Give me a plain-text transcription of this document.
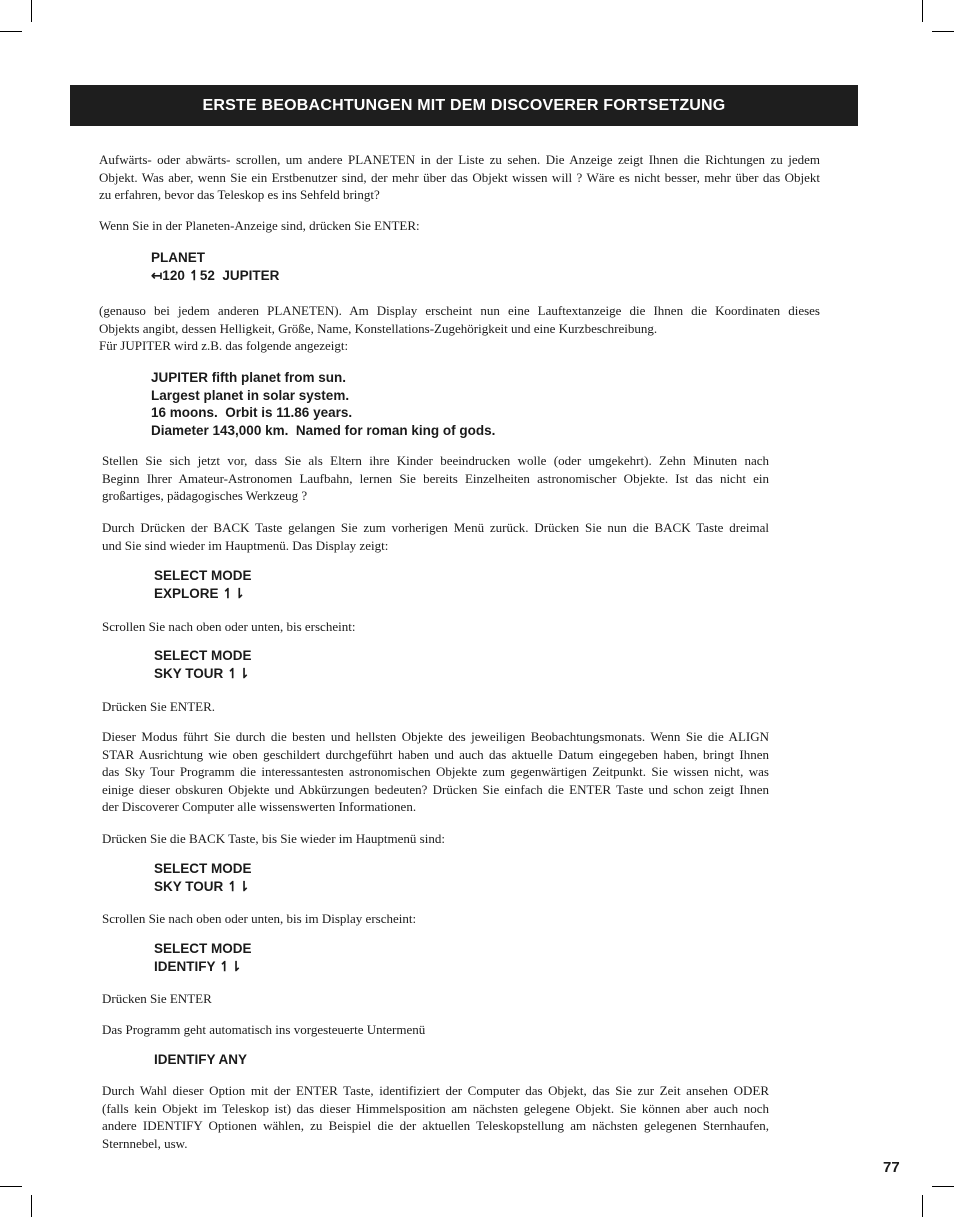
ERSTE BEOBACHTUNGEN MIT DEM DISCOVERER FORTSETZUNG
Aufwärts- oder abwärts- scrollen, um andere PLANETEN in der Liste zu sehen. Die Anzeige zeigt Ihnen die Richtungen zu jedem
Objekt. Was aber, wenn Sie ein Erstbenutzer sind, der mehr über das Objekt wissen will ? Wäre es nicht besser, mehr über das Objekt
zu erfahren, bevor das Teleskop es ins Sehfeld bringt?
Wenn Sie in der Planeten-Anzeige sind, drücken Sie ENTER:
PLANET
↤120 ↿52  JUPITER
(genauso bei jedem anderen PLANETEN). Am Display erscheint nun eine Lauftextanzeige die Ihnen die Koordinaten dieses
Objekts angibt, dessen Helligkeit, Größe, Name, Konstellations-Zugehörigkeit und eine Kurzbeschreibung.
Für JUPITER wird z.B. das folgende angezeigt:
JUPITER fifth planet from sun.
Largest planet in solar system.
16 moons.  Orbit is 11.86 years.
Diameter 143,000 km.  Named for roman king of gods.
Stellen Sie sich jetzt vor, dass Sie als Eltern ihre Kinder beeindrucken wolle (oder umgekehrt). Zehn Minuten nach
Beginn Ihrer Amateur-Astronomen Laufbahn, lernen Sie bereits Einzelheiten astronomischer Objekte. Ist das nicht ein
großartiges, pädagogisches Werkzeug ?
Durch Drücken der BACK Taste gelangen Sie zum vorherigen Menü zurück. Drücken Sie nun die BACK Taste dreimal
und Sie sind wieder im Hauptmenü. Das Display zeigt:
SELECT MODE
EXPLORE ↿⇂
Scrollen Sie nach oben oder unten, bis erscheint:
SELECT MODE
SKY TOUR ↿⇂
Drücken Sie ENTER.
Dieser Modus führt Sie durch die besten und hellsten Objekte des jeweiligen Beobachtungsmonats. Wenn Sie die ALIGN
STAR Ausrichtung wie oben geschildert durchgeführt haben und auch das aktuelle Datum eingegeben haben, bringt Ihnen
das Sky Tour Programm die interessantesten astronomischen Objekte zum gegenwärtigen Zeitpunkt. Sie wissen nicht, was
einige dieser obskuren Objekte und Abkürzungen bedeuten? Drücken Sie einfach die ENTER Taste und schon zeigt Ihnen
der Discoverer Computer alle wissenswerten Informationen.
Drücken Sie die BACK Taste, bis Sie wieder im Hauptmenü sind:
SELECT MODE
SKY TOUR ↿⇂
Scrollen Sie nach oben oder unten, bis im Display erscheint:
SELECT MODE
IDENTIFY ↿⇂
Drücken Sie ENTER
Das Programm geht automatisch ins vorgesteuerte Untermenü
IDENTIFY ANY
Durch Wahl dieser Option mit der ENTER Taste, identifiziert der Computer das Objekt, das Sie zur Zeit ansehen ODER
(falls kein Objekt im Teleskop ist) das dieser Himmelsposition am nächsten gelegene Objekt. Sie können aber auch noch
andere IDENTIFY Optionen wählen, zu Beispiel die der aktuellen Teleskopstellung am nächsten gelegenen Sternhaufen,
Sternnebel, usw.
77
